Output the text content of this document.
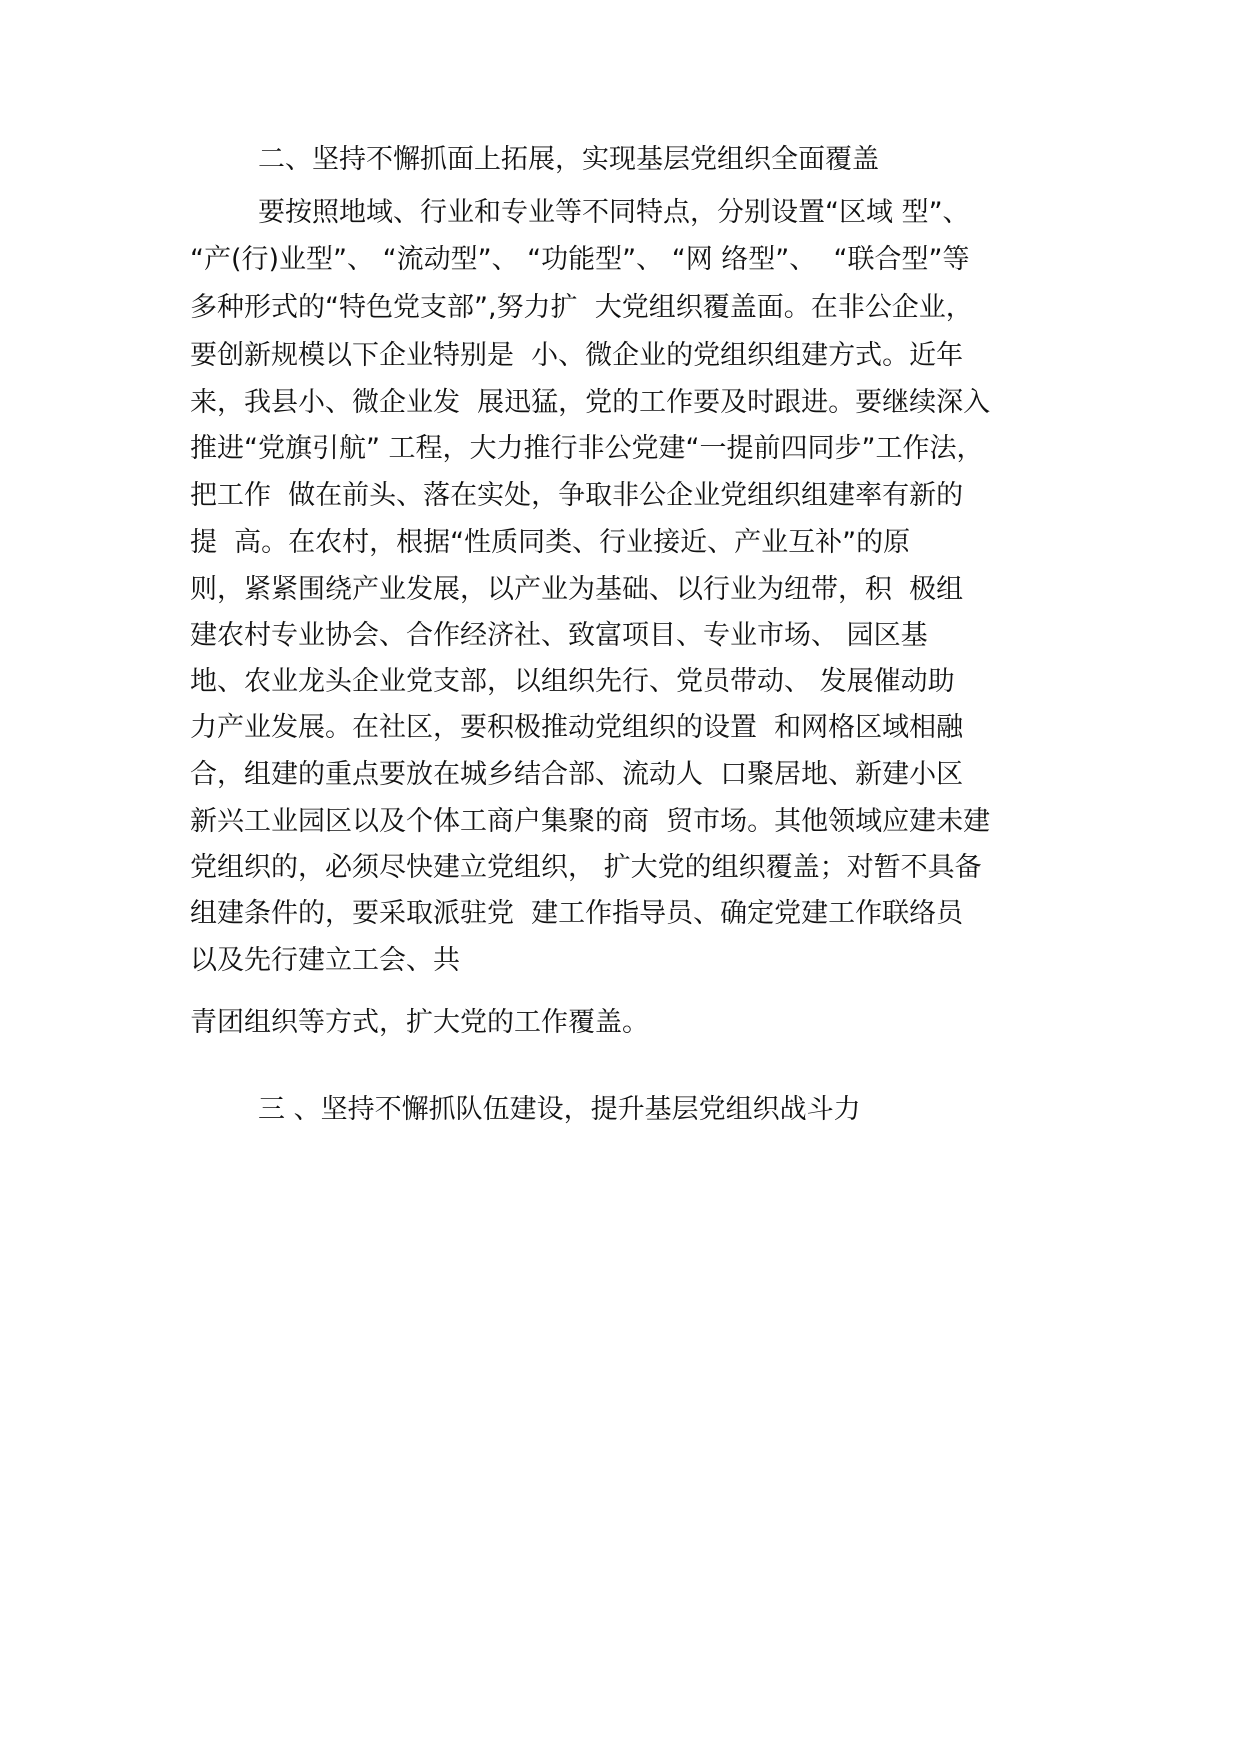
二、坚持不懈抓面上拓展，实现基层党组织全面覆盖
要按照地域、行业和专业等不同特点，分别设置“区域 型”、
“产(行)业型”、 “流动型”、 “功能型”、 “网 络型”、  “联合型”等
多种形式的“特色党支部”,努力扩  大党组织覆盖面。在非公企业，
要创新规模以下企业特别是  小、微企业的党组织组建方式。近年
来，我县小、微企业发  展迅猛，党的工作要及时跟进。要继续深入
推进“党旗引航” 工程，大力推行非公党建“一提前四同步”工作法，
把工作  做在前头、落在实处，争取非公企业党组织组建率有新的
提  高。在农村，根据“性质同类、行业接近、产业互补”的原
则，紧紧围绕产业发展，以产业为基础、以行业为纽带，积  极组
建农村专业协会、合作经济社、致富项目、专业市场、 园区基
地、农业龙头企业党支部，以组织先行、党员带动、 发展催动助
力产业发展。在社区，要积极推动党组织的设置  和网格区域相融
合，组建的重点要放在城乡结合部、流动人  口聚居地、新建小区
新兴工业园区以及个体工商户集聚的商  贸市场。其他领域应建未建
党组织的，必须尽快建立党组织， 扩大党的组织覆盖；对暂不具备
组建条件的，要采取派驻党  建工作指导员、确定党建工作联络员
以及先行建立工会、共
青团组织等方式，扩大党的工作覆盖。
三 、坚持不懈抓队伍建设，提升基层党组织战斗力
